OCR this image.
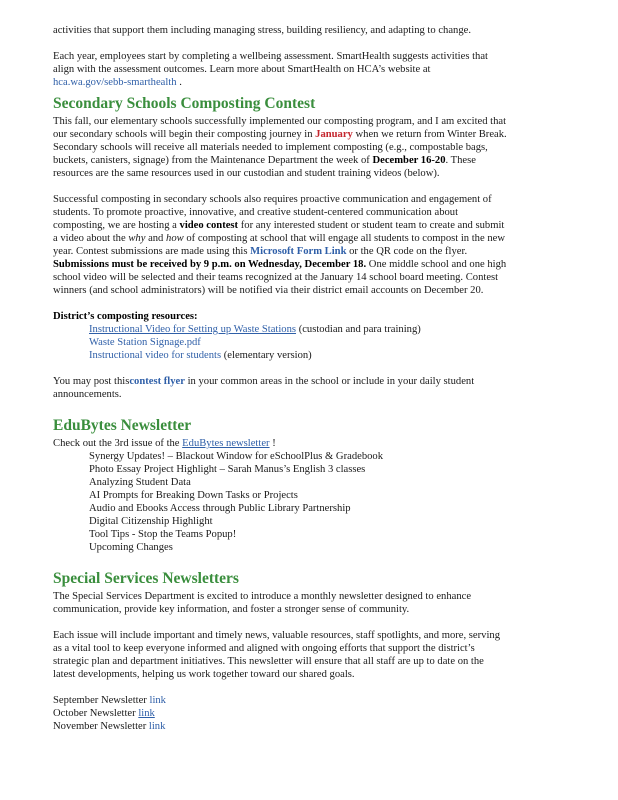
activities that support them including managing stress, building resiliency, and adapting to change.

Each year, employees start by completing a wellbeing assessment. SmartHealth suggests activities that
align with the assessment outcomes. Learn more about SmartHealth on HCA’s website at
hca.wa.gov/sebb-smarthealth .

Secondary Schools Composting Contest

This fall, our elementary schools successfully implemented our composting program, and I am excited that
our secondary schools will begin their composting journey in January when we return from Winter Break.
Secondary schools will receive all materials needed to implement composting (e.g., compostable bags,
buckets, canisters, signage) from the Maintenance Department the week of December 16-20. These
resources are the same resources used in our custodian and student training videos (below).

Successful composting in secondary schools also requires proactive communication and engagement of
students. To promote proactive, innovative, and creative student-centered communication about
composting, we are hosting a video contest for any interested student or student team to create and submit
a video about the why and how of composting at school that will engage all students to compost in the new
year. Contest submissions are made using this Microsoft Form Link or the QR code on the flyer.
Submissions must be received by 9 p.m. on Wednesday, December 18. One middle school and one high
school video will be selected and their teams recognized at the January 14 school board meeting. Contest
winners (and school administrators) will be notified via their district email accounts on December 20.

District’s composting resources:

Instructional Video for Setting up Waste Stations (custodian and para training)

Waste Station Signage.pdf

Instructional video for students (elementary version)

You may post thiscontest flyer in your common areas in the school or include in your daily student
announcements.

EduBytes Newsletter

Check out the 3rd issue of the EduBytes newsletter !

Synergy Updates! – Blackout Window for eSchoolPlus & Gradebook
Photo Essay Project Highlight – Sarah Manus’s English 3 classes
Analyzing Student Data
AI Prompts for Breaking Down Tasks or Projects
Audio and Ebooks Access through Public Library Partnership
Digital Citizenship Highlight
Tool Tips - Stop the Teams Popup!
Upcoming Changes
Special Services Newsletters

The Special Services Department is excited to introduce a monthly newsletter designed to enhance
communication, provide key information, and foster a stronger sense of community.

Each issue will include important and timely news, valuable resources, staff spotlights, and more, serving
as a vital tool to keep everyone informed and aligned with ongoing efforts that support the district’s
strategic plan and department initiatives. This newsletter will ensure that all staff are up to date on the
latest developments, helping us work together toward our shared goals.

September Newsletter link

October Newsletter link

November Newsletter link
